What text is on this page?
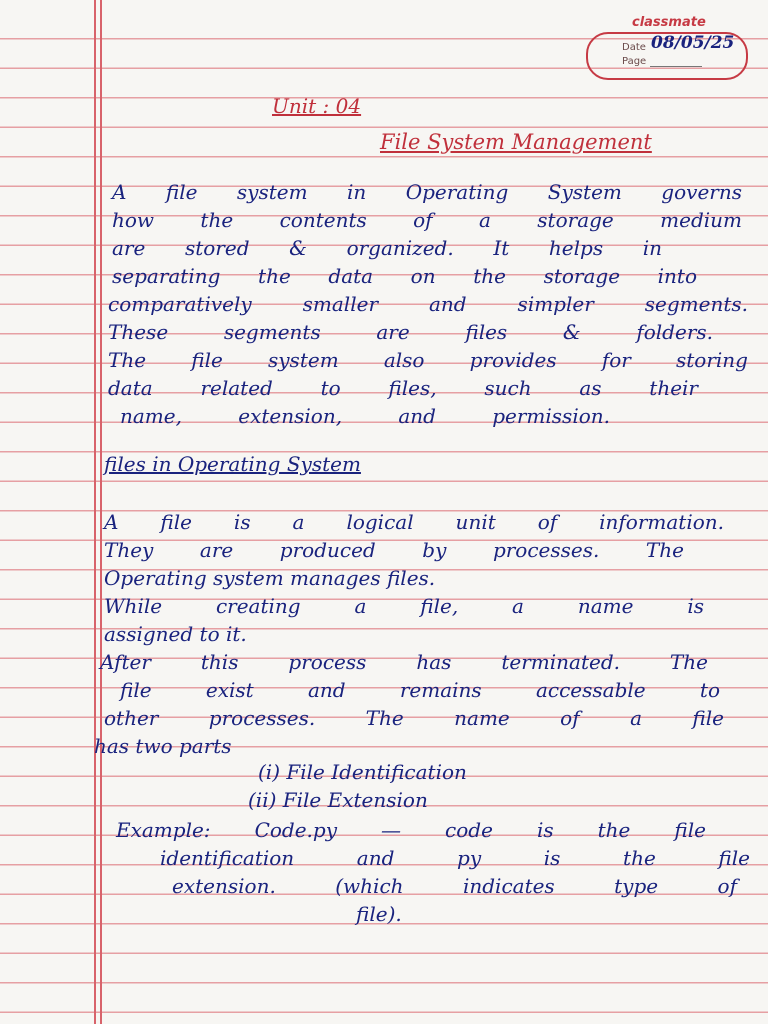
classmate
Date 08/05/25
Page
Unit : 04
File System Management
A file system in Operating System governs
how the contents of a storage medium
are stored & organized. It helps in
separating the data on the storage into
comparatively smaller and simpler segments.
These segments are files & folders.
The file system also provides for storing
data related to files, such as their
name, extension, and permission.
files in Operating System
A file is a logical unit of information.
They are produced by processes. The
Operating system manages files.
While creating a file, a name is
assigned to it.
After this process has terminated. The
file exist and remains accessable to
other processes. The name of a file
has two parts
(i) File Identification
(ii) File Extension
Example: Code.py — code is the file
identification and py is the file
extension. (which indicates type of
file).
